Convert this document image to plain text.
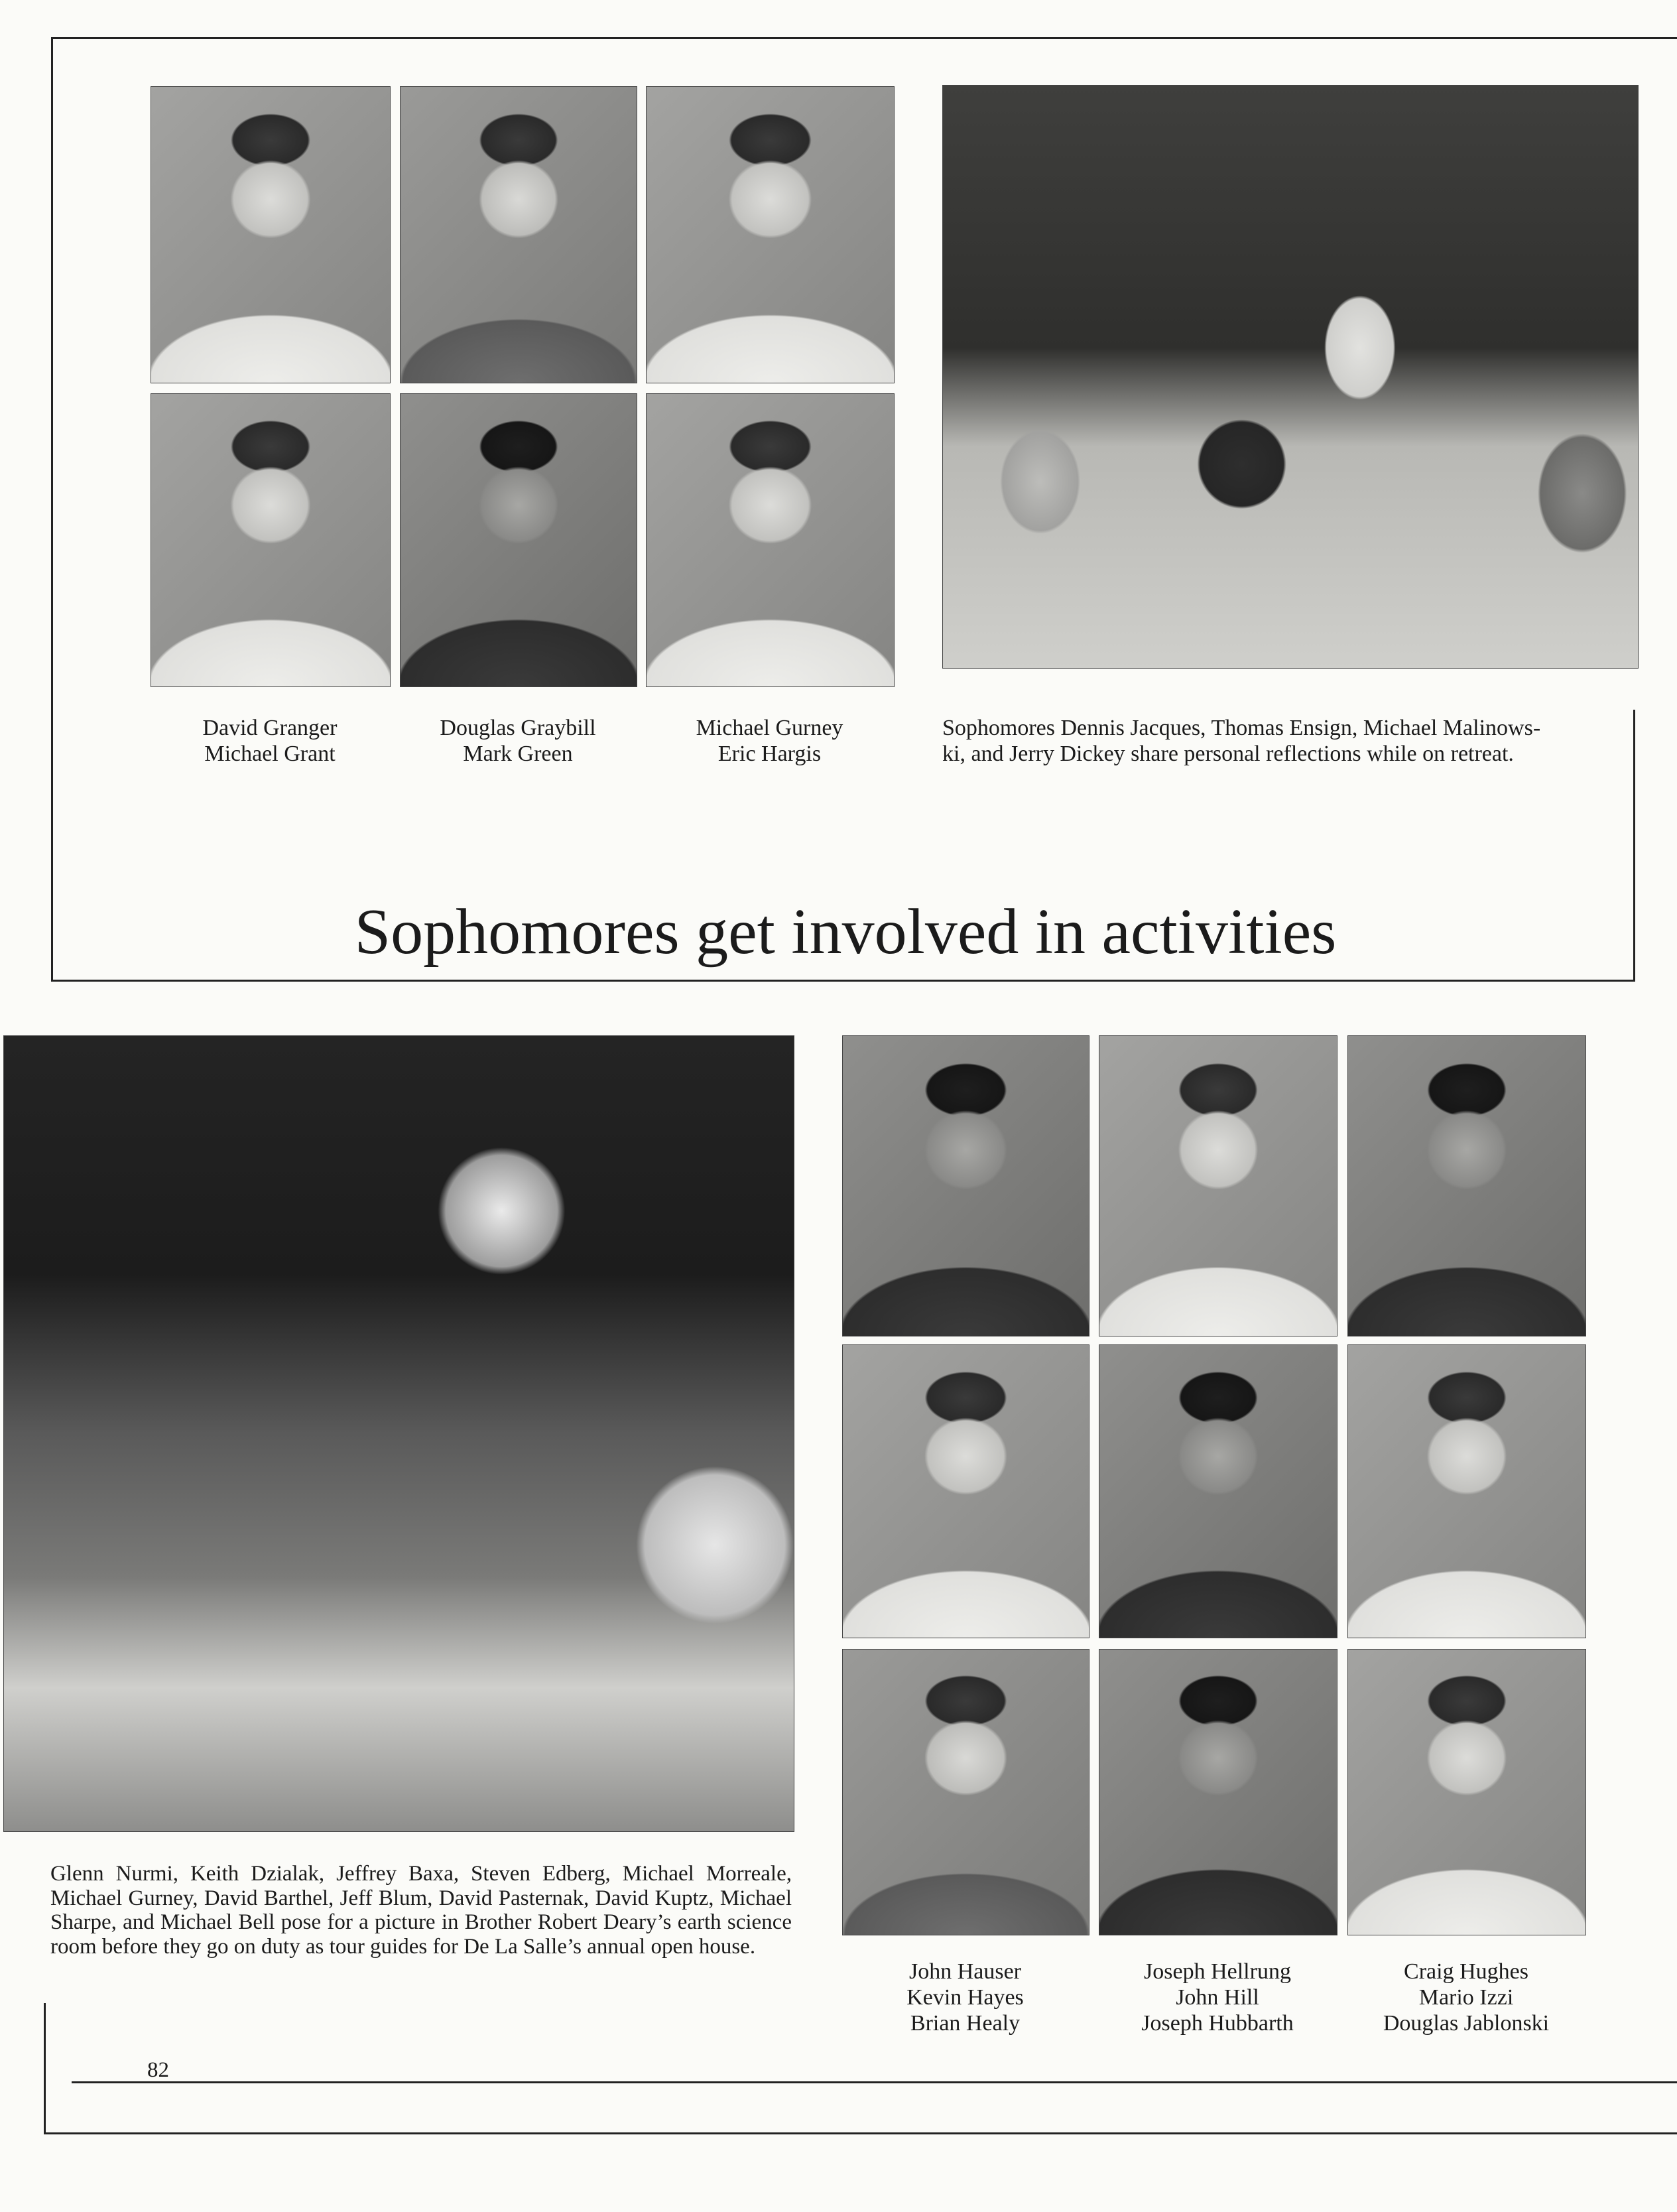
David Granger
Michael Grant
Douglas Graybill
Mark Green
Michael Gurney
Eric Hargis
Sophomores Dennis Jacques, Thomas Ensign, Michael Malinows-
ki, and Jerry Dickey share personal reflections while on retreat.
Sophomores get involved in activities

Glenn Nurmi, Keith Dzialak, Jeffrey Baxa, Steven Edberg, Michael Morreale, Michael Gurney, David Barthel, Jeff Blum, David Pasternak, David Kuptz, Michael Sharpe, and Michael Bell pose for a picture in Brother Robert Deary’s earth science room before they go on duty as tour guides for De La Salle’s annual open house.

John Hauser
Kevin Hayes
Brian Healy
Joseph Hellrung
John Hill
Joseph Hubbarth
Craig Hughes
Mario Izzi
Douglas Jablonski

82
